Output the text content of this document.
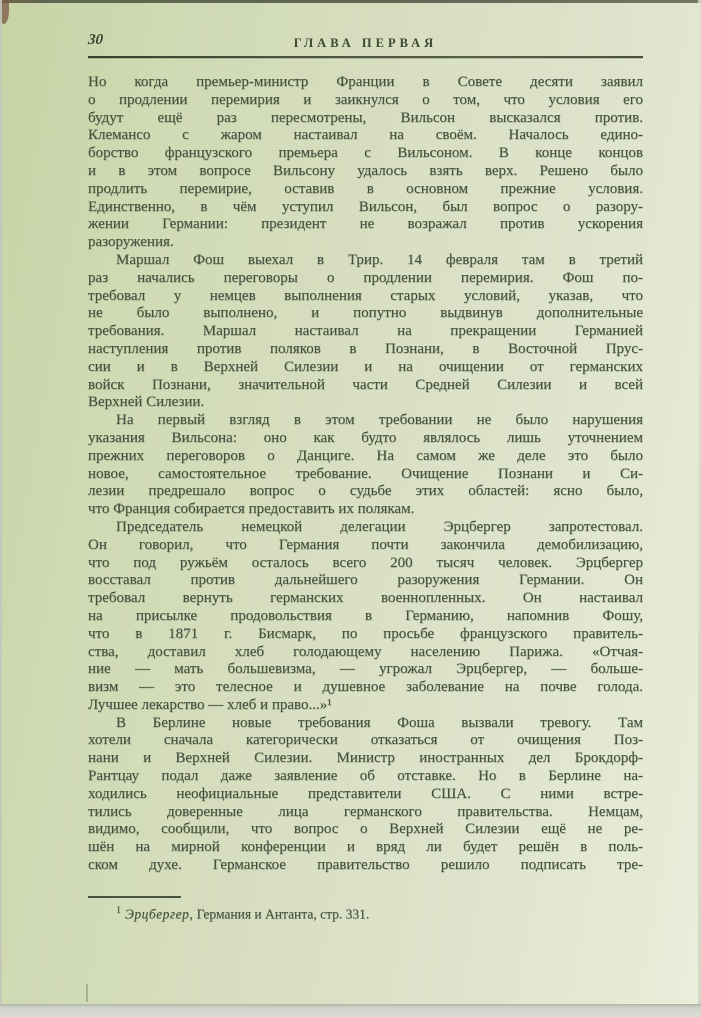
30	ГЛАВА ПЕРВАЯ
Но когда премьер-министр Франции в Совете десяти заявил
о продлении перемирия и заикнулся о том, что условия его
будут ещё раз пересмотрены, Вильсон высказался против.
Клемансо с жаром настаивал на своём. Началось едино-
борство французского премьера с Вильсоном. В конце концов
и в этом вопросе Вильсону удалось взять верх. Решено было
продлить перемирие, оставив в основном прежние условия.
Единственно, в чём уступил Вильсон, был вопрос о разору-
жении Германии: президент не возражал против ускорения
разоружения.
Маршал Фош выехал в Трир. 14 февраля там в третий
раз начались переговоры о продлении перемирия. Фош по-
требовал у немцев выполнения старых условий, указав, что
не было выполнено, и попутно выдвинув дополнительные
требования. Маршал настаивал на прекращении Германией
наступления против поляков в Познани, в Восточной Прус-
сии и в Верхней Силезии и на очищении от германских
войск Познани, значительной части Средней Силезии и всей
Верхней Силезии.
На первый взгляд в этом требовании не было нарушения
указания Вильсона: оно как будто являлось лишь уточнением
прежних переговоров о Данциге. На самом же деле это было
новое, самостоятельное требование. Очищение Познани и Си-
лезии предрешало вопрос о судьбе этих областей: ясно было,
что Франция собирается предоставить их полякам.
Председатель немецкой делегации Эрцбергер запротестовал.
Он говорил, что Германия почти закончила демобилизацию,
что под ружьём осталось всего 200 тысяч человек. Эрцбергер
восставал против дальнейшего разоружения Германии. Он
требовал вернуть германских военнопленных. Он настаивал
на присылке продовольствия в Германию, напомнив Фошу,
что в 1871 г. Бисмарк, по просьбе французского правитель-
ства, доставил хлеб голодающему населению Парижа. «Отчая-
ние — мать большевизма, — угрожал Эрцбергер, — больше-
визм — это телесное и душевное заболевание на почве голода.
Лучшее лекарство — хлеб и право...»¹
В Берлине новые требования Фоша вызвали тревогу. Там
хотели сначала категорически отказаться от очищения Поз-
нани и Верхней Силезии. Министр иностранных дел Брокдорф-
Рантцау подал даже заявление об отставке. Но в Берлине на-
ходились неофициальные представители США. С ними встре-
тились доверенные лица германского правительства. Немцам,
видимо, сообщили, что вопрос о Верхней Силезии ещё не ре-
шён на мирной конференции и вряд ли будет решён в поль-
ском духе. Германское правительство решило подписать тре-
$^1$ Эрцбергер, Германия и Антанта, стр. 331.
